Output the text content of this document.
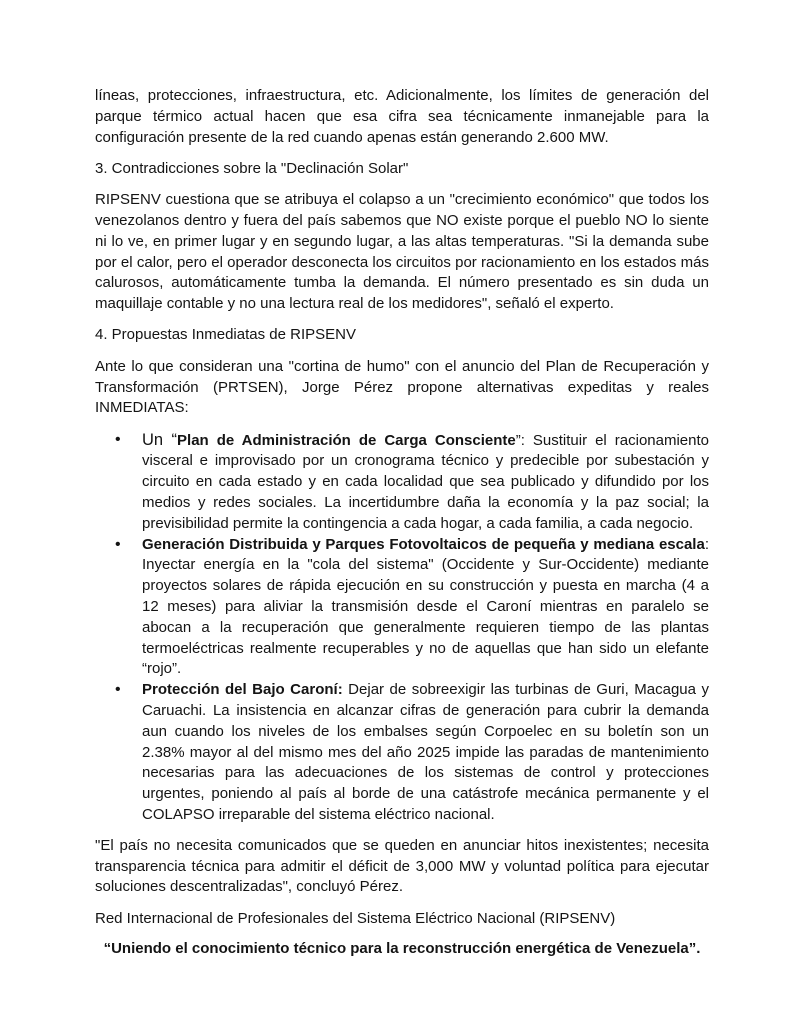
líneas, protecciones, infraestructura, etc. Adicionalmente, los límites de generación del parque térmico actual hacen que esa cifra sea técnicamente inmanejable para la configuración presente de la red cuando apenas están generando 2.600 MW.

3. Contradicciones sobre la "Declinación Solar"

RIPSENV cuestiona que se atribuya el colapso a un "crecimiento económico" que todos los venezolanos dentro y fuera del país sabemos que NO existe porque el pueblo NO lo siente ni lo ve, en primer lugar y en segundo lugar, a las altas temperaturas. "Si la demanda sube por el calor, pero el operador desconecta los circuitos por racionamiento en los estados más calurosos, automáticamente tumba la demanda. El número presentado es sin duda un maquillaje contable y no una lectura real de los medidores", señaló el experto.

4. Propuestas Inmediatas de RIPSENV

Ante lo que consideran una "cortina de humo" con el anuncio del Plan de Recuperación y Transformación (PRTSEN), Jorge Pérez propone alternativas expeditas y reales INMEDIATAS:

• Un “Plan de Administración de Carga Consciente”: Sustituir el racionamiento visceral e improvisado por un cronograma técnico y predecible por subestación y circuito en cada estado y en cada localidad que sea publicado y difundido por los medios y redes sociales. La incertidumbre daña la economía y la paz social; la previsibilidad permite la contingencia a cada hogar, a cada familia, a cada negocio.
• Generación Distribuida y Parques Fotovoltaicos de pequeña y mediana escala: Inyectar energía en la "cola del sistema" (Occidente y Sur-Occidente) mediante proyectos solares de rápida ejecución en su construcción y puesta en marcha (4 a 12 meses) para aliviar la transmisión desde el Caroní mientras en paralelo se abocan a la recuperación que generalmente requieren tiempo de las plantas termoeléctricas realmente recuperables y no de aquellas que han sido un elefante “rojo”.
• Protección del Bajo Caroní: Dejar de sobreexigir las turbinas de Guri, Macagua y Caruachi. La insistencia en alcanzar cifras de generación para cubrir la demanda aun cuando los niveles de los embalses según Corpoelec en su boletín son un 2.38% mayor al del mismo mes del año 2025 impide las paradas de mantenimiento necesarias para las adecuaciones de los sistemas de control y protecciones urgentes, poniendo al país al borde de una catástrofe mecánica permanente y el COLAPSO irreparable del sistema eléctrico nacional.

"El país no necesita comunicados que se queden en anunciar hitos inexistentes; necesita transparencia técnica para admitir el déficit de 3,000 MW y voluntad política para ejecutar soluciones descentralizadas", concluyó Pérez.

Red Internacional de Profesionales del Sistema Eléctrico Nacional (RIPSENV)

“Uniendo el conocimiento técnico para la reconstrucción energética de Venezuela”.
